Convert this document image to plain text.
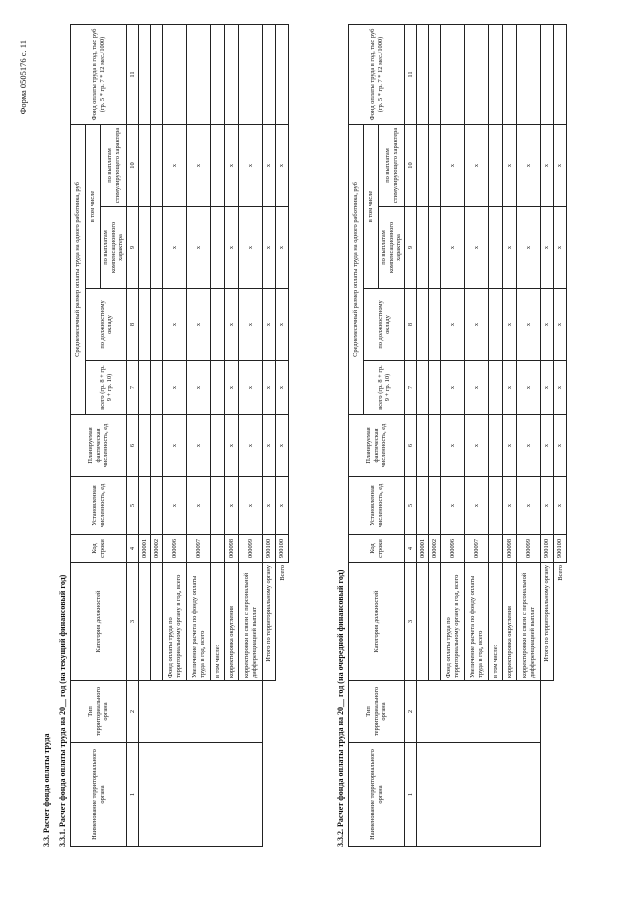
Форма 0505176 с. 11
3.3. Расчет фонда оплаты труда 3.3.1. Расчет фонда оплаты труда на 20__ год (на текущий финансовый год)	3.3.2. Расчет фонда оплаты труда на 20__ год (на очередной финансовый год)
Наименование территориального органа	Тип территориального органа	Категория должностей	Код строки	Установленная численность, ед	Планируемая фактическая численность, ед	Среднемесячный размер оплаты труда на одного работника, руб				Фонд оплаты труда в год, тыс руб (гр. 5 * гр. 7 * 12 мес./1000)
						всего (гр. 8 + гр. 9 + гр. 10)	по должностному окладу	в том числе		
								по выплатам компенсационного характера	по выплатам стимулирующего характера	
1	2	3	4	5	6	7	8	9	10	11
			000001							
			000002							
		Фонд оплаты труда по территориальному органу в год, всего	000096	x	x	x	x	x	x	
		Увеличение расчета по фонду оплаты труда в год, всего	000097	x	x	x	x	x	x	
		в том числе:								
		корректировка округления	000098	x	x	x	x	x	x	
		корректировки в связи с персональной дифференциацией выплат	000099	x	x	x	x	x	x	
		Итого по территориальному органу	900100	x	x	x	x	x	x	
		Всего	900100	x	x	x	x	x	x	
Наименование территориального органа	Тип территориального органа	Категория должностей	Код строки	Установленная численность, ед	Планируемая фактическая численность, ед	Среднемесячный размер оплаты труда на одного работника, руб				Фонд оплаты труда в год, тыс руб (гр. 5 * гр. 7 * 12 мес./1000)
						всего (гр. 8 + гр. 9 + гр. 10)	по должностному окладу	в том числе		
								по выплатам компенсационного характера	по выплатам стимулирующего характера	
1	2	3	4	5	6	7	8	9	10	11
			000001							
			000002							
		Фонд оплаты труда по территориальному органу в год, всего	000096	x	x	x	x	x	x	
		Увеличение расчета по фонду оплаты труда в год, всего	000097	x	x	x	x	x	x	
		в том числе:								
		корректировка округления	000098	x	x	x	x	x	x	
		корректировки в связи с персональной дифференциацией выплат	000099	x	x	x	x	x	x	
		Итого по территориальному органу	900100	x	x	x	x	x	x	
		Всего	900100	x	x	x	x	x	x	
